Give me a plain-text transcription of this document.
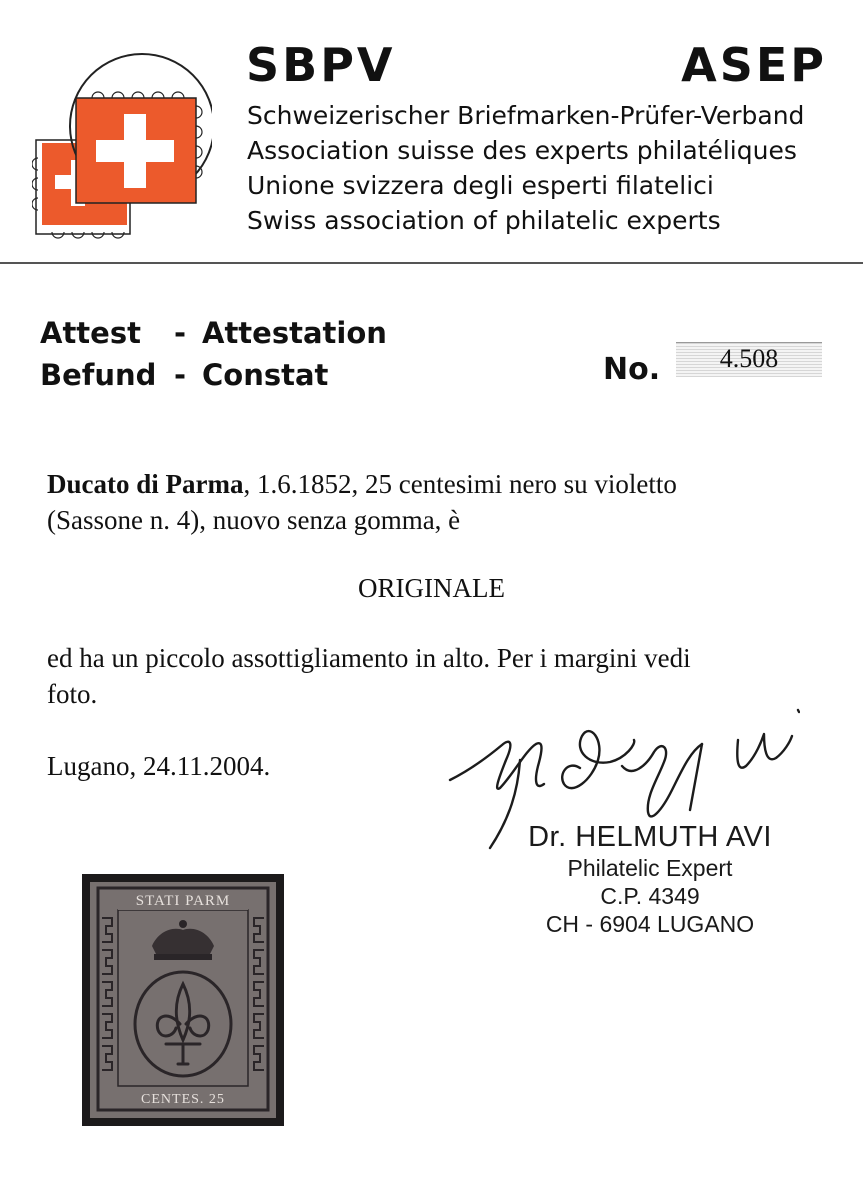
SBPV	ASEP
Schweizerischer Briefmarken-Prüfer-Verband
Association suisse des experts philatéliques
Unione svizzera degli esperti filatelici
Swiss association of philatelic experts
Attest - Attestation
Befund - Constat	No.	4.508
Ducato di Parma, 1.6.1852, 25 centesimi nero su violetto
(Sassone n. 4), nuovo senza gomma, è
ORIGINALE
ed ha un piccolo assottigliamento in alto. Per i margini vedi
foto.
Lugano, 24.11.2004.
Dr. HELMUTH AVI
Philatelic Expert
C.P. 4349
CH - 6904 LUGANO
STATI PARM
CENTES. 25
